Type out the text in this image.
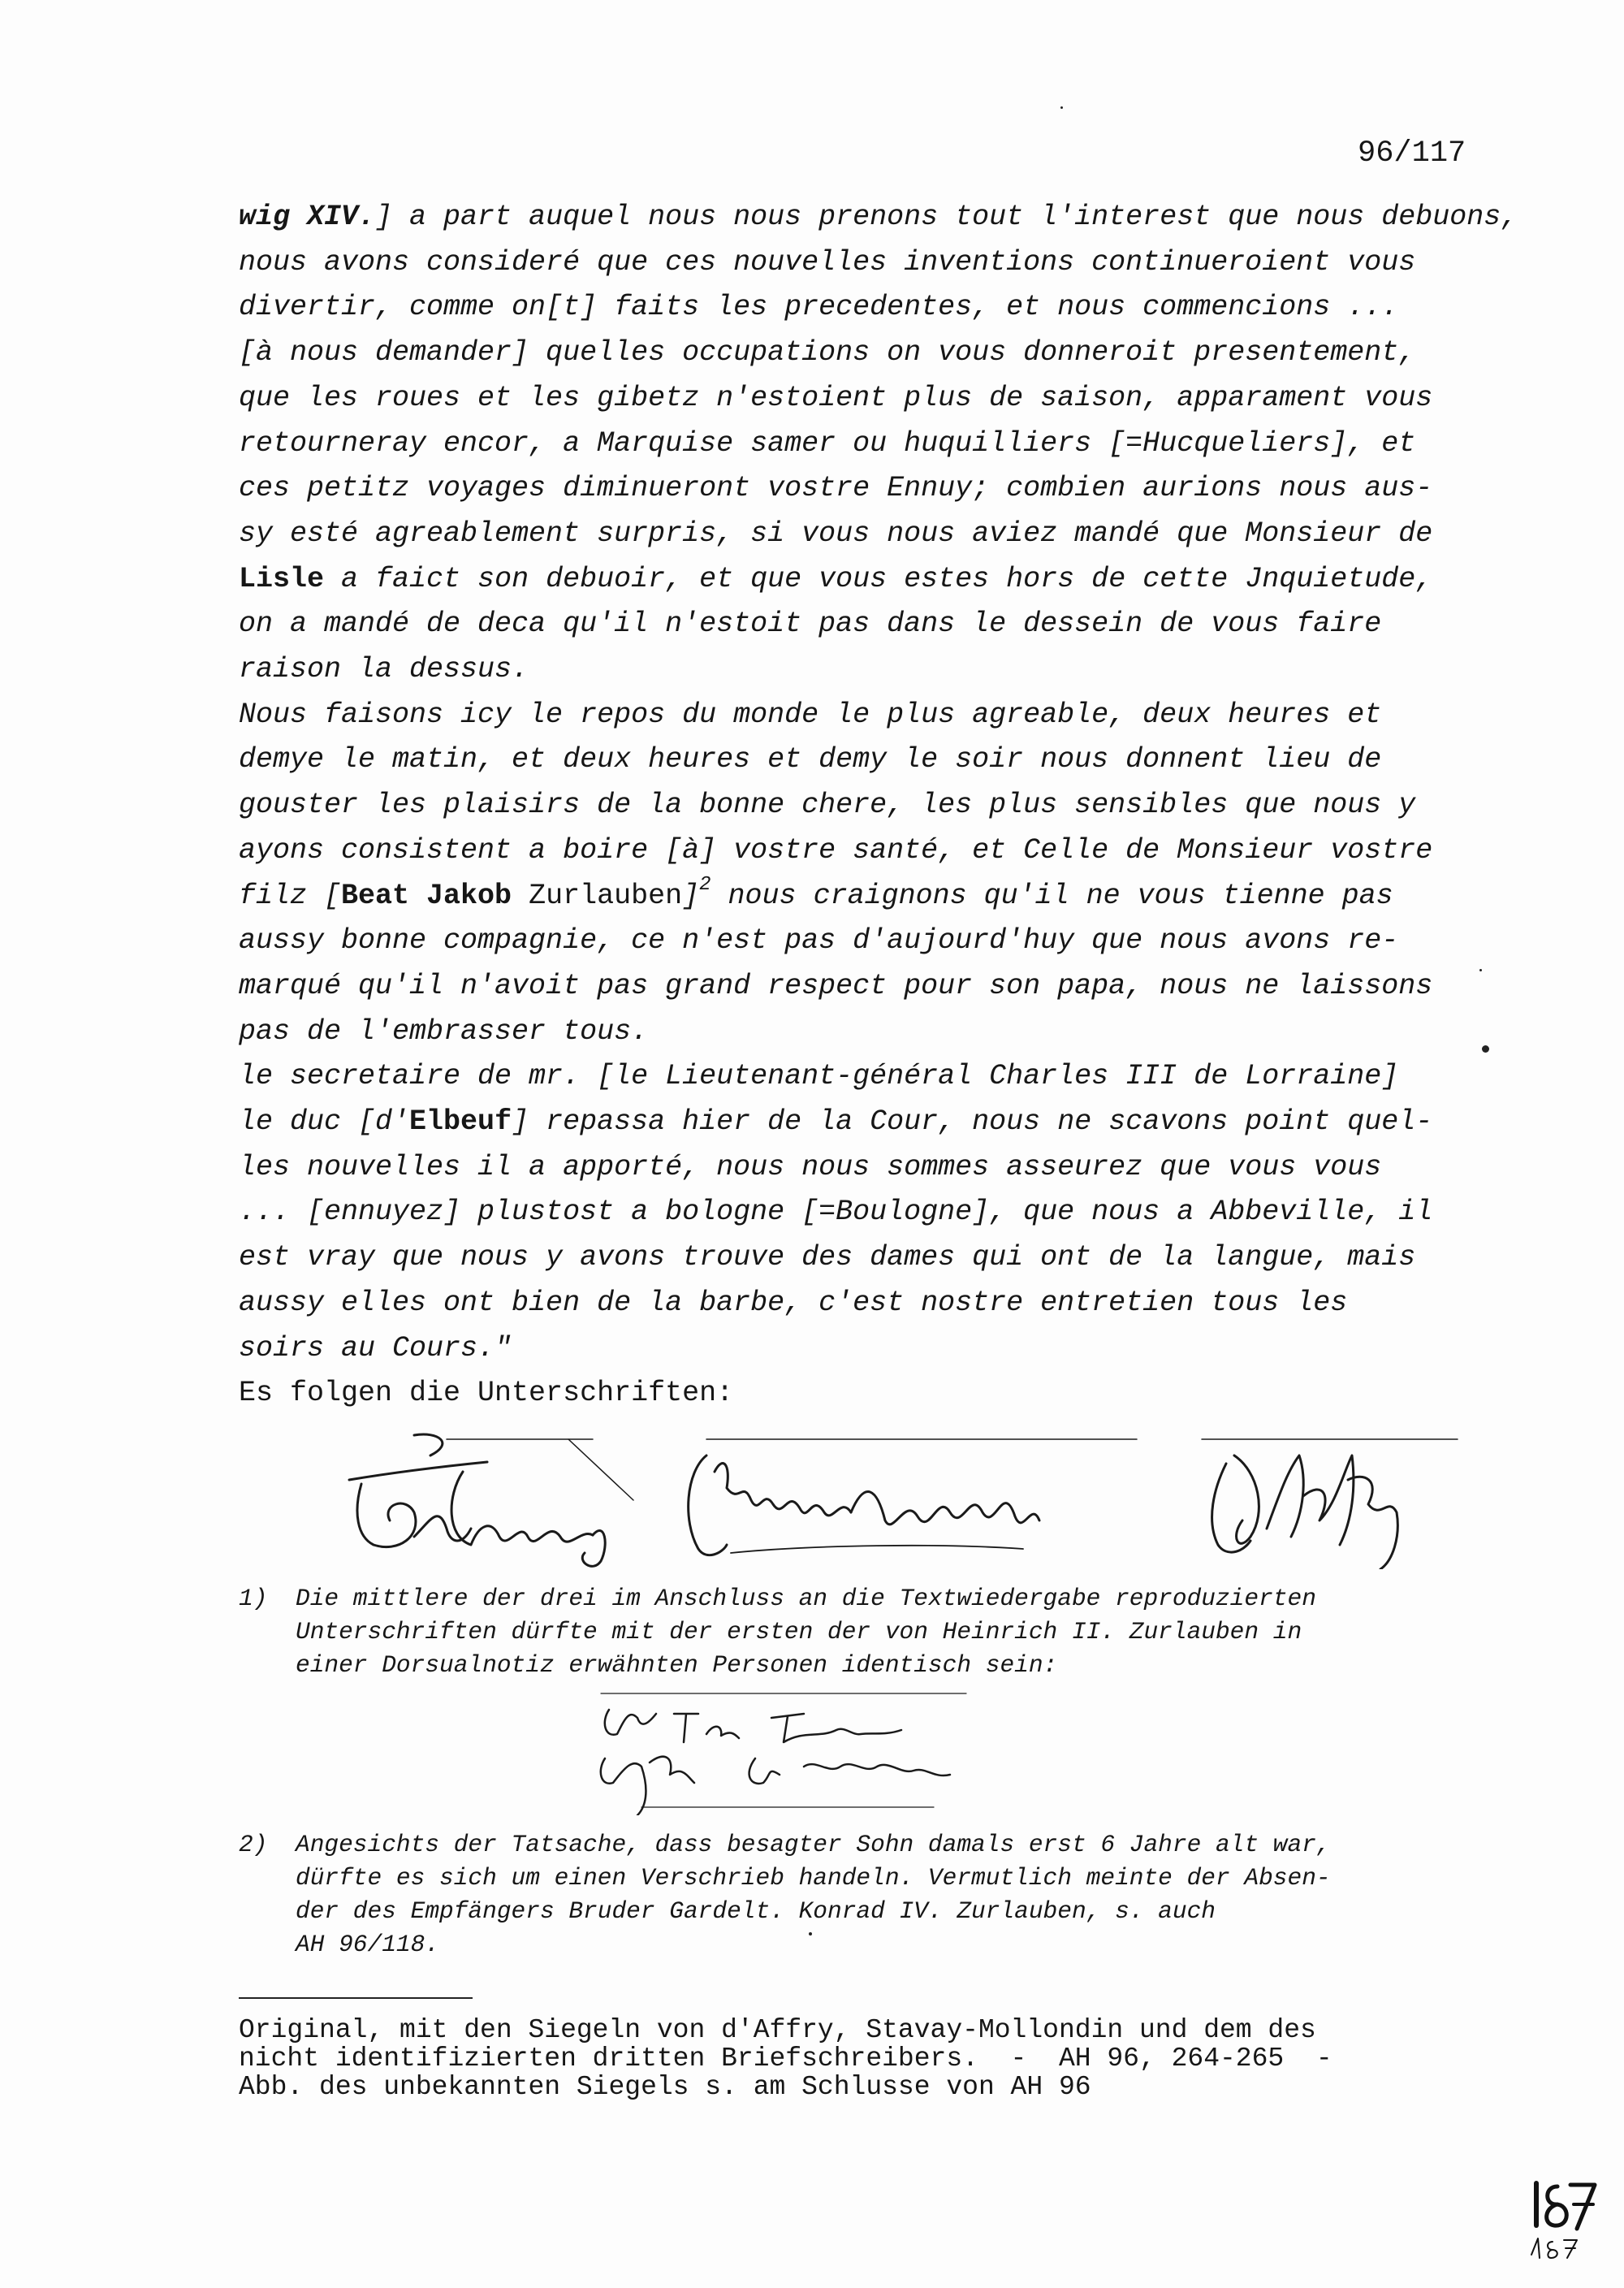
96/117
wig XIV.] a part auquel nous nous prenons tout l'interest que nous debuons,
nous avons consideré que ces nouvelles inventions continueroient vous
divertir, comme on[t] faits les precedentes, et nous commencions ...
[à nous demander] quelles occupations on vous donneroit presentement,
que les roues et les gibetz n'estoient plus de saison, apparament vous
retourneray encor, a Marquise samer ou huquilliers [=Hucqueliers], et
ces petitz voyages diminueront vostre Ennuy; combien aurions nous aus-
sy esté agreablement surpris, si vous nous aviez mandé que Monsieur de
Lisle a faict son debuoir, et que vous estes hors de cette Jnquietude,
on a mandé de deca qu'il n'estoit pas dans le dessein de vous faire
raison la dessus.
Nous faisons icy le repos du monde le plus agreable, deux heures et
demye le matin, et deux heures et demy le soir nous donnent lieu de
gouster les plaisirs de la bonne chere, les plus sensibles que nous y
ayons consistent a boire [à] vostre santé, et Celle de Monsieur vostre
filz [Beat Jakob Zurlauben]$^2$ nous craignons qu'il ne vous tienne pas
aussy bonne compagnie, ce n'est pas d'aujourd'huy que nous avons re-
marqué qu'il n'avoit pas grand respect pour son papa, nous ne laissons
pas de l'embrasser tous.
le secretaire de mr. [le Lieutenant-général Charles III de Lorraine]
le duc [d'Elbeuf] repassa hier de la Cour, nous ne scavons point quel-
les nouvelles il a apporté, nous nous sommes asseurez que vous vous
... [ennuyez] plustost a bologne [=Boulogne], que nous a Abbeville, il
est vray que nous y avons trouve des dames qui ont de la langue, mais
aussy elles ont bien de la barbe, c'est nostre entretien tous les
soirs au Cours."
Es folgen die Unterschriften:
1) Die mittlere der drei im Anschluss an die Textwiedergabe reproduzierten
Unterschriften dürfte mit der ersten der von Heinrich II. Zurlauben in
einer Dorsualnotiz erwähnten Personen identisch sein:
2) Angesichts der Tatsache, dass besagter Sohn damals erst 6 Jahre alt war,
dürfte es sich um einen Verschrieb handeln. Vermutlich meinte der Absen-
der des Empfängers Bruder Gardelt. Konrad IV. Zurlauben, s. auch
AH 96/118.
Original, mit den Siegeln von d'Affry, Stavay-Mollondin und dem des
nicht identifizierten dritten Briefschreibers.  -  AH 96, 264-265  -
Abb. des unbekannten Siegels s. am Schlusse von AH 96
